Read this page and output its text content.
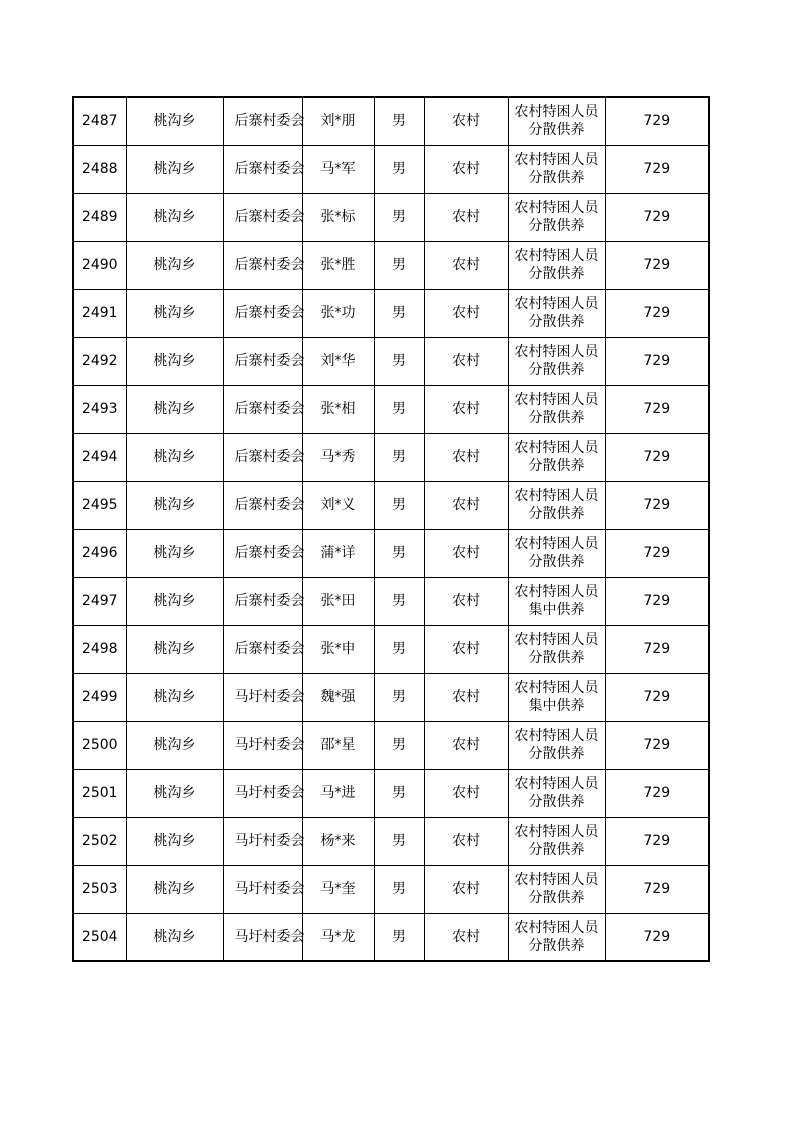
2487	桃沟乡	后寨村委会	刘*朋	男	农村	农村特困人员分散供养	729
2488	桃沟乡	后寨村委会	马*军	男	农村	农村特困人员分散供养	729
2489	桃沟乡	后寨村委会	张*标	男	农村	农村特困人员分散供养	729
2490	桃沟乡	后寨村委会	张*胜	男	农村	农村特困人员分散供养	729
2491	桃沟乡	后寨村委会	张*功	男	农村	农村特困人员分散供养	729
2492	桃沟乡	后寨村委会	刘*华	男	农村	农村特困人员分散供养	729
2493	桃沟乡	后寨村委会	张*相	男	农村	农村特困人员分散供养	729
2494	桃沟乡	后寨村委会	马*秀	男	农村	农村特困人员分散供养	729
2495	桃沟乡	后寨村委会	刘*义	男	农村	农村特困人员分散供养	729
2496	桃沟乡	后寨村委会	蒲*详	男	农村	农村特困人员分散供养	729
2497	桃沟乡	后寨村委会	张*田	男	农村	农村特困人员集中供养	729
2498	桃沟乡	后寨村委会	张*申	男	农村	农村特困人员分散供养	729
2499	桃沟乡	马圩村委会	魏*强	男	农村	农村特困人员集中供养	729
2500	桃沟乡	马圩村委会	邵*星	男	农村	农村特困人员分散供养	729
2501	桃沟乡	马圩村委会	马*进	男	农村	农村特困人员分散供养	729
2502	桃沟乡	马圩村委会	杨*来	男	农村	农村特困人员分散供养	729
2503	桃沟乡	马圩村委会	马*奎	男	农村	农村特困人员分散供养	729
2504	桃沟乡	马圩村委会	马*龙	男	农村	农村特困人员分散供养	729
